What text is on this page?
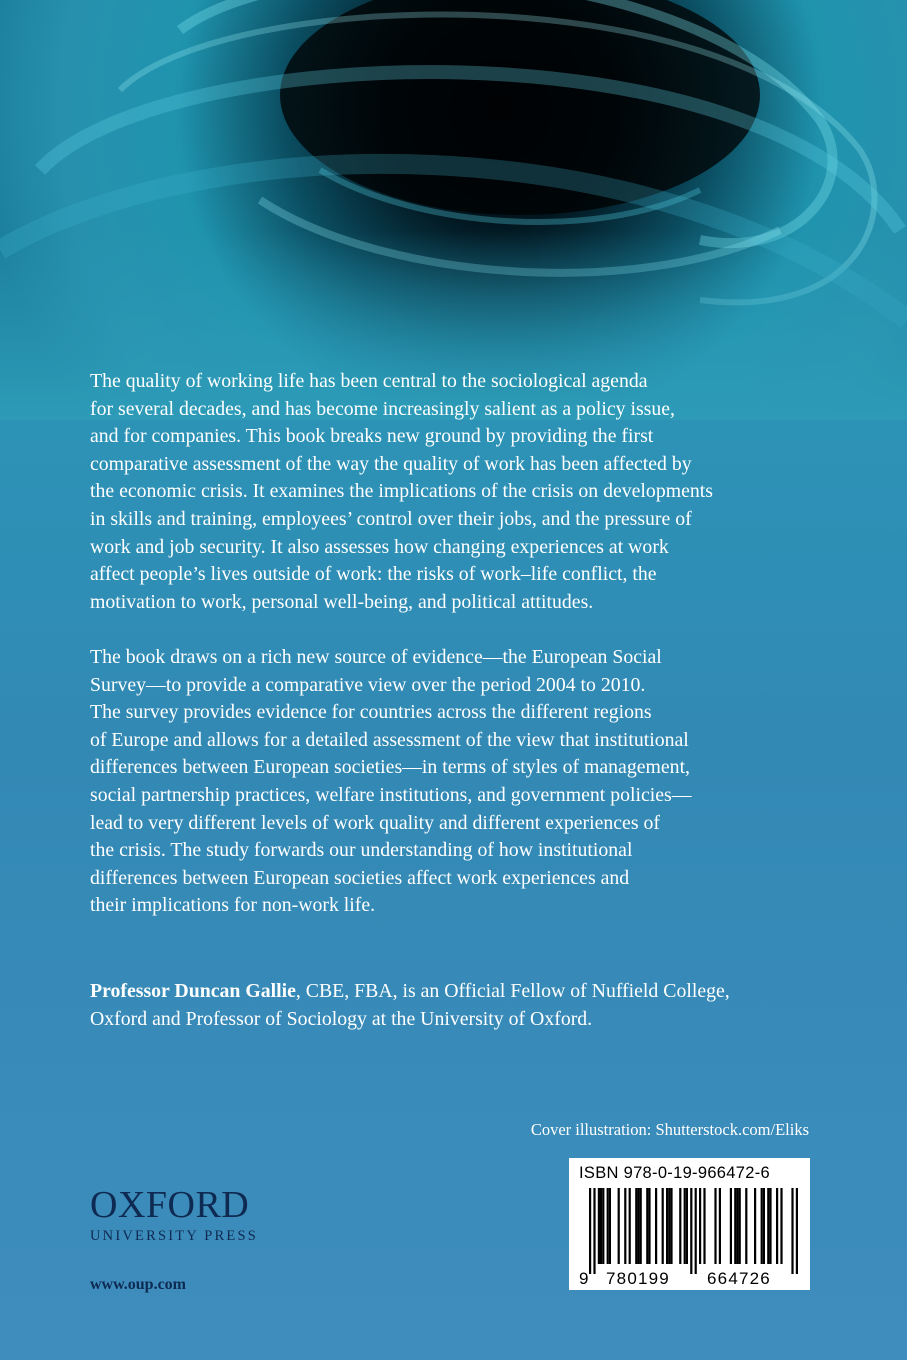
The quality of working life has been central to the sociological agenda
for several decades, and has become increasingly salient as a policy issue,
and for companies. This book breaks new ground by providing the first
comparative assessment of the way the quality of work has been affected by
the economic crisis. It examines the implications of the crisis on developments
in skills and training, employees’ control over their jobs, and the pressure of
work and job security. It also assesses how changing experiences at work
affect people’s lives outside of work: the risks of work–life conflict, the
motivation to work, personal well-being, and political attitudes.
The book draws on a rich new source of evidence—the European Social
Survey—to provide a comparative view over the period 2004 to 2010.
The survey provides evidence for countries across the different regions
of Europe and allows for a detailed assessment of the view that institutional
differences between European societies—in terms of styles of management,
social partnership practices, welfare institutions, and government policies—
lead to very different levels of work quality and different experiences of
the crisis. The study forwards our understanding of how institutional
differences between European societies affect work experiences and
their implications for non-work life.
Professor Duncan Gallie, CBE, FBA, is an Official Fellow of Nuffield College,
Oxford and Professor of Sociology at the University of Oxford.

Cover illustration: Shutterstock.com/Eliks

OXFORD
UNIVERSITY PRESS
www.oup.com
ISBN 978-0-19-966472-6
9 780199 664726
